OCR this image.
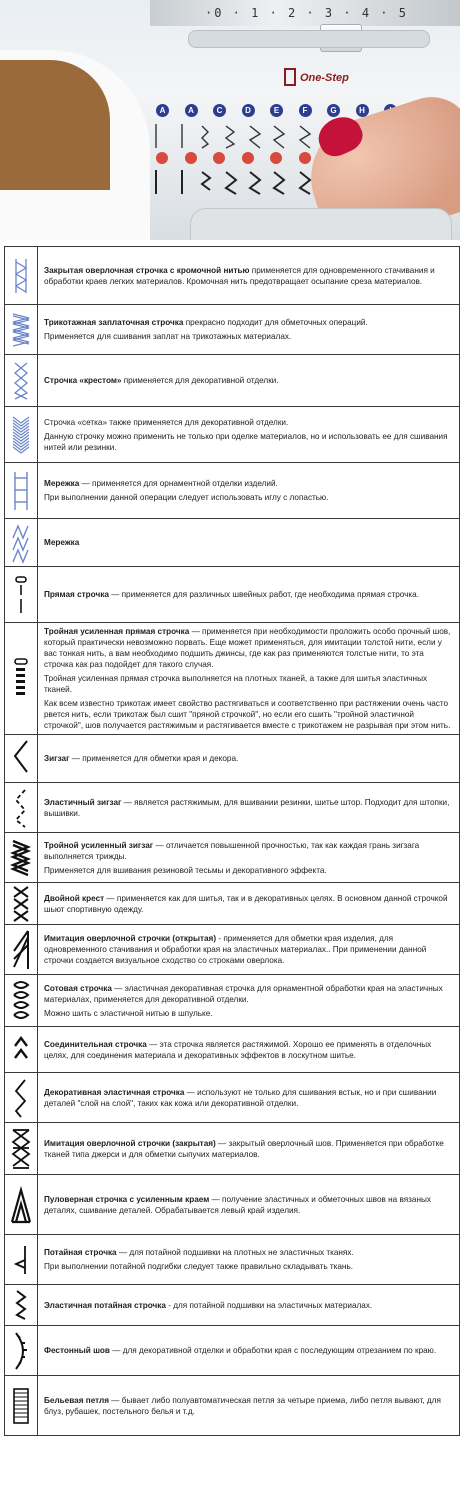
·0 · 1 · 2 · 3 · 4 · 5
One-Step
A	A	C	D	E	F	G	H

Закрытая оверлочная строчка с кромочной нитью применяется для одновременного стачивания и обработки краев легких материалов. Кромочная нить предотвращает осыпание среза материалов.

Трикотажная заплаточная строчка прекрасно подходит для обметочных операций.
Применяется для сшивания заплат на трикотажных материалах.

Строчка «крестом» применяется для декоративной отделки.

Строчка «сетка» также применяется для декоративной отделки.
Данную строчку можно применить не только при оделке материалов, но и использовать ее для сшивания нитей или резинки.

Мережка — применяется для орнаментной отделки изделий.
При выполнении данной операции следует использовать иглу с лопастью.

Мережка

Прямая строчка — применяется для различных швейных работ, где необходима прямая строчка.

Тройная усиленная прямая строчка — применяется при необходимости проложить особо прочный шов, который практически невозможно порвать. Еще может применяться, для имитации толстой нити, если у вас тонкая нить, а вам необходимо подшить джинсы, где как раз применяются толстые нити, то эта строчка как раз подойдет для такого случая.
Тройная усиленная прямая строчка выполняется на плотных тканей, а также для шитья эластичных тканей.
Как всем известно трикотаж имеет свойство растягиваться и соответственно при растяжении очень часто рвется нить, если трикотаж был сшит "пряной строчкой", но если его сшить "тройной эластичной строчкой", шов получается растяжимым и растягивается вместе с трикотажем не разрывая при этом нить.

Зигзаг — применяется для обметки края и декора.

Эластичный зигзаг — является растяжимым, для вшивании резинки, шитье штор. Подходит для штопки, вышивки.

Тройной усиленный зигзаг — отличается повышенной прочностью, так как каждая грань зигзага выполняется трижды.
Применяется для вшивания резиновой тесьмы и декоративного эффекта.

Двойной крест — применяется как для шитья, так и в декоративных целях. В основном данной строчкой шьют спортивную одежду.

Имитация оверлочной строчки (открытая) - применяется для обметки края изделия, для одновременного стачивания и обработки края на эластичных материалах.. При применении данной строчки создается визуальное сходство со строками оверлока.

Сотовая строчка — эластичная декоративная строчка для орнаментной обработки края на эластичных материалах, применяется для декоративной отделки.
Можно шить с эластичной нитью в шпульке.

Соединительная строчка — эта строчка является растяжимой. Хорошо ее применять в отделочных целях, для соединения материала и декоративных эффектов в лоскутном шитье.

Декоративная эластичная строчка — используют не только для сшивания встык, но и при сшивании деталей "слой на слой", таких как кожа или декоративной отделки.

Имитация оверлочной строчки (закрытая) — закрытый оверлочный шов. Применяется при обработке тканей типа джерси и для обметки сыпучих материалов.

Пуловерная строчка с усиленным краем — получение эластичных и обметочных швов на вязаных деталях, сшивание деталей. Обрабатывается левый край изделия.

Потайная строчка — для потайной подшивки на плотных не эластичных тканях.
При выполнении потайной подгибки следует также правильно складывать ткань.

Эластичная потайная строчка - для потайной подшивки на эластичных материалах.

Фестонный шов — для декоративной отделки и обработки края с последующим отрезанием по краю.

Бельевая петля — бывает либо полуавтоматическая петля за четыре приема, либо петля вывают, для блуз, рубашек, постельного белья и т.д.
